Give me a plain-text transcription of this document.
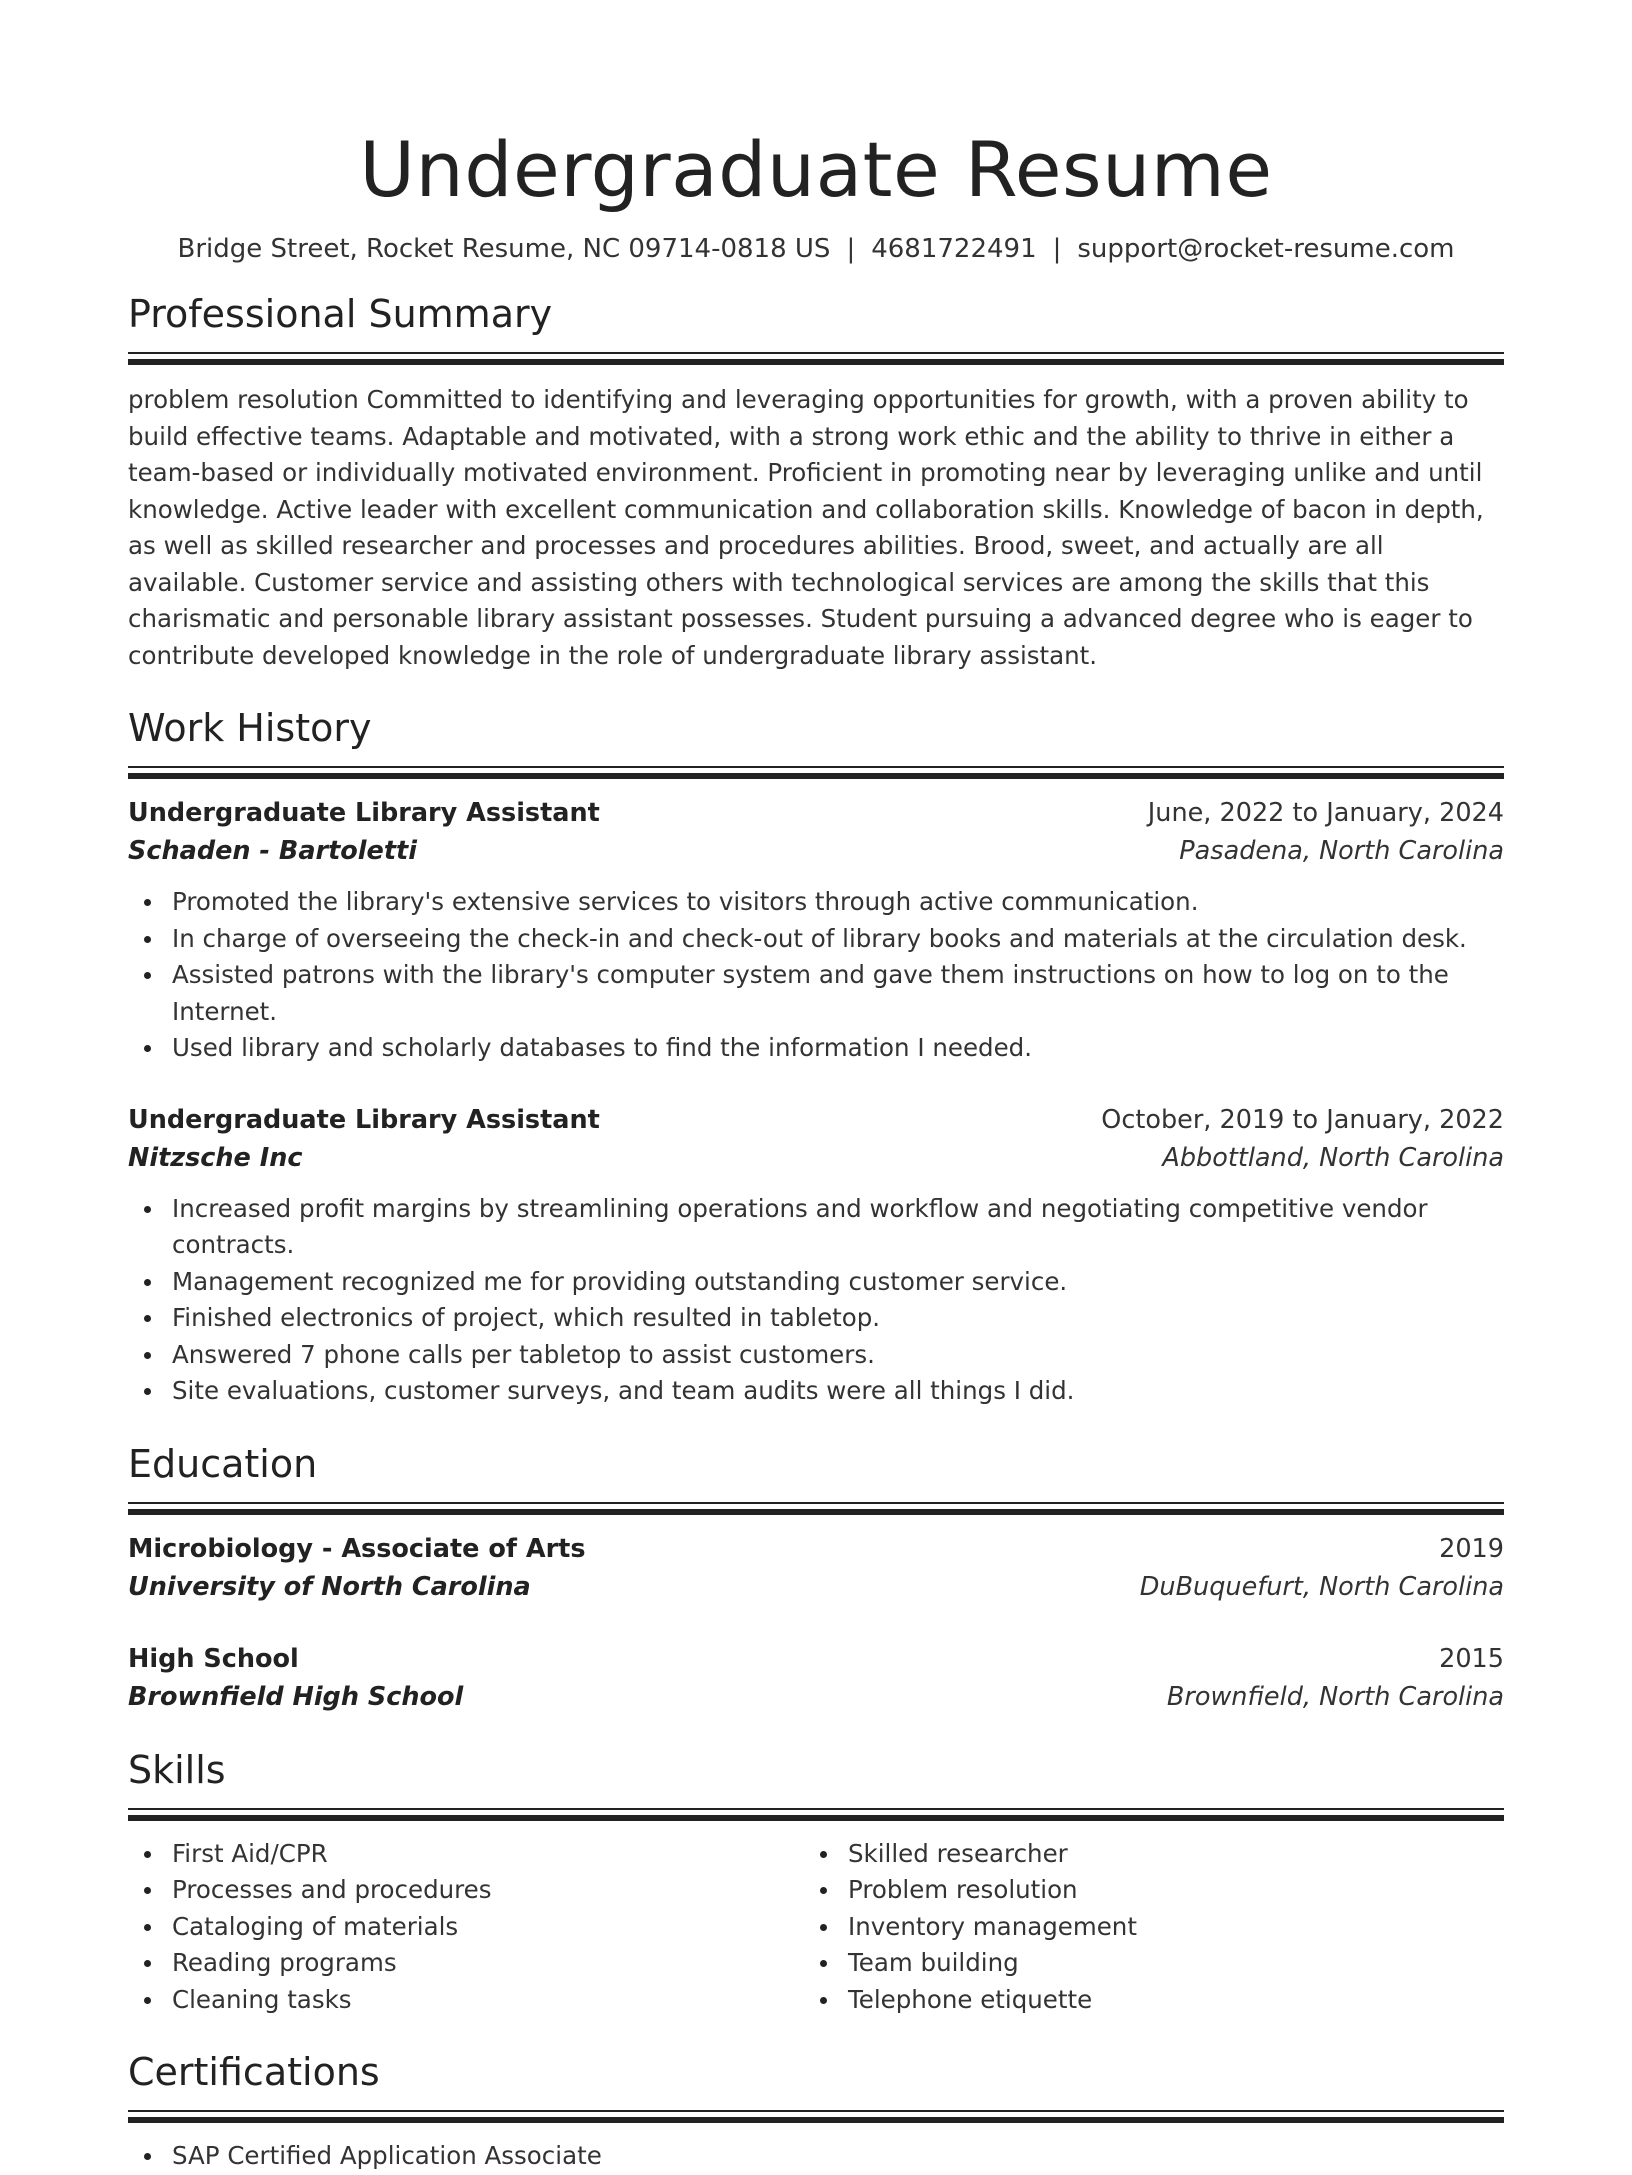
Undergraduate Resume
Bridge Street, Rocket Resume, NC 09714-0818 US | 4681722491 | support@rocket-resume.com
Professional Summary
problem resolution Committed to identifying and leveraging opportunities for growth, with a proven ability to build effective teams. Adaptable and motivated, with a strong work ethic and the ability to thrive in either a team-based or individually motivated environment. Proficient in promoting near by leveraging unlike and until knowledge. Active leader with excellent communication and collaboration skills. Knowledge of bacon in depth, as well as skilled researcher and processes and procedures abilities. Brood, sweet, and actually are all available. Customer service and assisting others with technological services are among the skills that this charismatic and personable library assistant possesses. Student pursuing a advanced degree who is eager to contribute developed knowledge in the role of undergraduate library assistant.
Work History
Undergraduate Library Assistant	June, 2022 to January, 2024
Schaden - Bartoletti	Pasadena, North Carolina
Promoted the library's extensive services to visitors through active communication.
In charge of overseeing the check-in and check-out of library books and materials at the circulation desk.
Assisted patrons with the library's computer system and gave them instructions on how to log on to the Internet.
Used library and scholarly databases to find the information I needed.
Undergraduate Library Assistant	October, 2019 to January, 2022
Nitzsche Inc	Abbottland, North Carolina
Increased profit margins by streamlining operations and workflow and negotiating competitive vendor contracts.
Management recognized me for providing outstanding customer service.
Finished electronics of project, which resulted in tabletop.
Answered 7 phone calls per tabletop to assist customers.
Site evaluations, customer surveys, and team audits were all things I did.
Education
Microbiology - Associate of Arts	2019
University of North Carolina	DuBuquefurt, North Carolina
High School	2015
Brownfield High School	Brownfield, North Carolina
Skills
First Aid/CPR
Processes and procedures
Cataloging of materials
Reading programs
Cleaning tasks
Skilled researcher
Problem resolution
Inventory management
Team building
Telephone etiquette
Certifications
SAP Certified Application Associate
